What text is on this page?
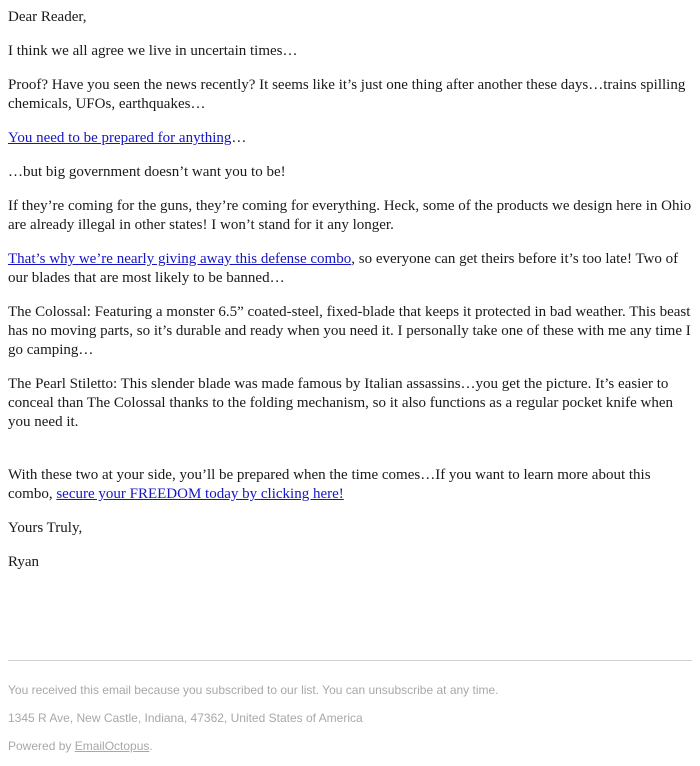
Dear Reader,

I think we all agree we live in uncertain times…

Proof? Have you seen the news recently? It seems like it’s just one thing after another these days…trains spilling chemicals, UFOs, earthquakes…

You need to be prepared for anything…

…but big government doesn’t want you to be!

If they’re coming for the guns, they’re coming for everything. Heck, some of the products we design here in Ohio are already illegal in other states! I won’t stand for it any longer.

That’s why we’re nearly giving away this defense combo, so everyone can get theirs before it’s too late! Two of our blades that are most likely to be banned…

The Colossal: Featuring a monster 6.5” coated-steel, fixed-blade that keeps it protected in bad weather. This beast has no moving parts, so it’s durable and ready when you need it. I personally take one of these with me any time I go camping…

The Pearl Stiletto: This slender blade was made famous by Italian assassins…you get the picture. It’s easier to conceal than The Colossal thanks to the folding mechanism, so it also functions as a regular pocket knife when you need it.

With these two at your side, you’ll be prepared when the time comes…If you want to learn more about this combo, secure your FREEDOM today by clicking here!

Yours Truly,

Ryan

You received this email because you subscribed to our list. You can unsubscribe at any time.

1345 R Ave, New Castle, Indiana, 47362, United States of America

Powered by EmailOctopus.
